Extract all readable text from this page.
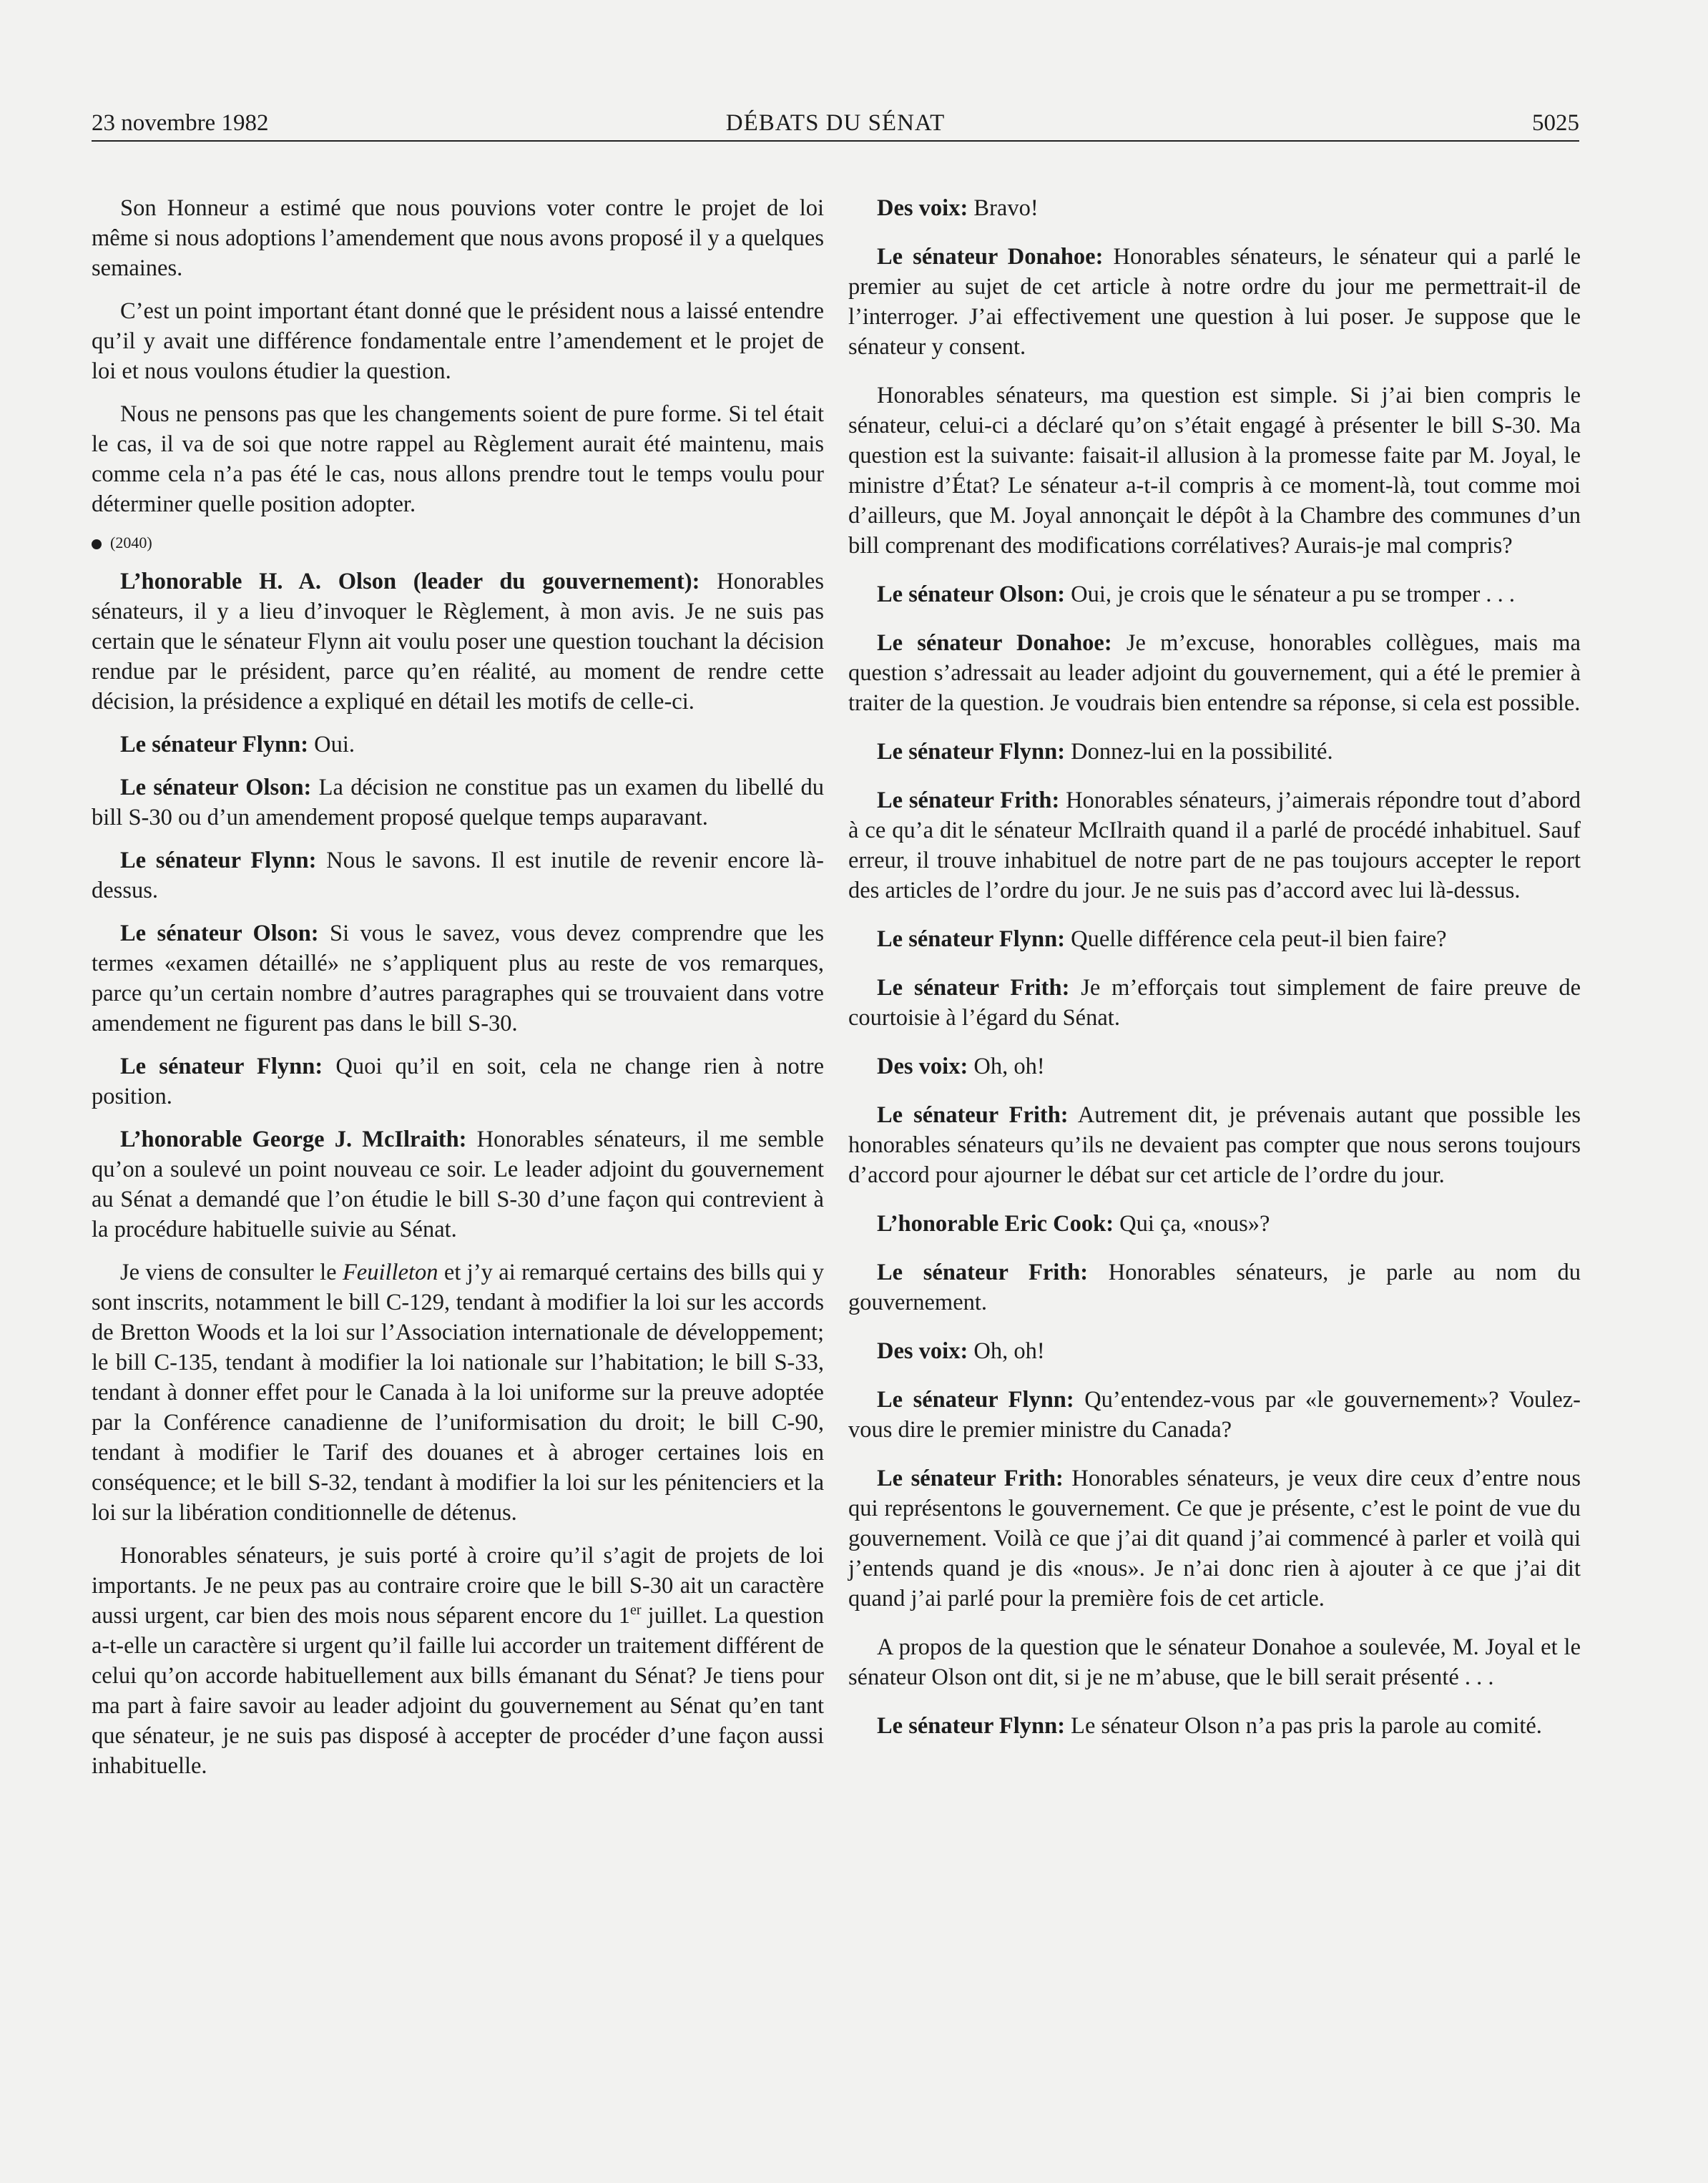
23 novembre 1982	DÉBATS DU SÉNAT	5025

Son Honneur a estimé que nous pouvions voter contre le projet de loi même si nous adoptions l’amendement que nous avons proposé il y a quelques semaines.

C’est un point important étant donné que le président nous a laissé entendre qu’il y avait une différence fondamentale entre l’amendement et le projet de loi et nous voulons étudier la question.

Nous ne pensons pas que les changements soient de pure forme. Si tel était le cas, il va de soi que notre rappel au Règlement aurait été maintenu, mais comme cela n’a pas été le cas, nous allons prendre tout le temps voulu pour déterminer quelle position adopter.

(2040)

L’honorable H. A. Olson (leader du gouvernement): Honorables sénateurs, il y a lieu d’invoquer le Règlement, à mon avis. Je ne suis pas certain que le sénateur Flynn ait voulu poser une question touchant la décision rendue par le président, parce qu’en réalité, au moment de rendre cette décision, la présidence a expliqué en détail les motifs de celle-ci.

Le sénateur Flynn: Oui.

Le sénateur Olson: La décision ne constitue pas un examen du libellé du bill S-30 ou d’un amendement proposé quelque temps auparavant.

Le sénateur Flynn: Nous le savons. Il est inutile de revenir encore là-dessus.

Le sénateur Olson: Si vous le savez, vous devez comprendre que les termes «examen détaillé» ne s’appliquent plus au reste de vos remarques, parce qu’un certain nombre d’autres paragraphes qui se trouvaient dans votre amendement ne figurent pas dans le bill S-30.

Le sénateur Flynn: Quoi qu’il en soit, cela ne change rien à notre position.

L’honorable George J. McIlraith: Honorables sénateurs, il me semble qu’on a soulevé un point nouveau ce soir. Le leader adjoint du gouvernement au Sénat a demandé que l’on étudie le bill S-30 d’une façon qui contrevient à la procédure habituelle suivie au Sénat.

Je viens de consulter le Feuilleton et j’y ai remarqué certains des bills qui y sont inscrits, notamment le bill C-129, tendant à modifier la loi sur les accords de Bretton Woods et la loi sur l’Association internationale de développement; le bill C-135, tendant à modifier la loi nationale sur l’habitation; le bill S-33, tendant à donner effet pour le Canada à la loi uniforme sur la preuve adoptée par la Conférence canadienne de l’uniformisation du droit; le bill C-90, tendant à modifier le Tarif des douanes et à abroger certaines lois en conséquence; et le bill S-32, tendant à modifier la loi sur les pénitenciers et la loi sur la libération conditionnelle de détenus.

Honorables sénateurs, je suis porté à croire qu’il s’agit de projets de loi importants. Je ne peux pas au contraire croire que le bill S-30 ait un caractère aussi urgent, car bien des mois nous séparent encore du 1er juillet. La question a-t-elle un caractère si urgent qu’il faille lui accorder un traitement différent de celui qu’on accorde habituellement aux bills émanant du Sénat? Je tiens pour ma part à faire savoir au leader adjoint du gouvernement au Sénat qu’en tant que sénateur, je ne suis pas disposé à accepter de procéder d’une façon aussi inhabituelle.

Des voix: Bravo!

Le sénateur Donahoe: Honorables sénateurs, le sénateur qui a parlé le premier au sujet de cet article à notre ordre du jour me permettrait-il de l’interroger. J’ai effectivement une question à lui poser. Je suppose que le sénateur y consent.

Honorables sénateurs, ma question est simple. Si j’ai bien compris le sénateur, celui-ci a déclaré qu’on s’était engagé à présenter le bill S-30. Ma question est la suivante: faisait-il allusion à la promesse faite par M. Joyal, le ministre d’État? Le sénateur a-t-il compris à ce moment-là, tout comme moi d’ailleurs, que M. Joyal annonçait le dépôt à la Chambre des communes d’un bill comprenant des modifications corrélatives? Aurais-je mal compris?

Le sénateur Olson: Oui, je crois que le sénateur a pu se tromper . . .

Le sénateur Donahoe: Je m’excuse, honorables collègues, mais ma question s’adressait au leader adjoint du gouvernement, qui a été le premier à traiter de la question. Je voudrais bien entendre sa réponse, si cela est possible.

Le sénateur Flynn: Donnez-lui en la possibilité.

Le sénateur Frith: Honorables sénateurs, j’aimerais répondre tout d’abord à ce qu’a dit le sénateur McIlraith quand il a parlé de procédé inhabituel. Sauf erreur, il trouve inhabituel de notre part de ne pas toujours accepter le report des articles de l’ordre du jour. Je ne suis pas d’accord avec lui là-dessus.

Le sénateur Flynn: Quelle différence cela peut-il bien faire?

Le sénateur Frith: Je m’efforçais tout simplement de faire preuve de courtoisie à l’égard du Sénat.

Des voix: Oh, oh!

Le sénateur Frith: Autrement dit, je prévenais autant que possible les honorables sénateurs qu’ils ne devaient pas compter que nous serons toujours d’accord pour ajourner le débat sur cet article de l’ordre du jour.

L’honorable Eric Cook: Qui ça, «nous»?

Le sénateur Frith: Honorables sénateurs, je parle au nom du gouvernement.

Des voix: Oh, oh!

Le sénateur Flynn: Qu’entendez-vous par «le gouvernement»? Voulez-vous dire le premier ministre du Canada?

Le sénateur Frith: Honorables sénateurs, je veux dire ceux d’entre nous qui représentons le gouvernement. Ce que je présente, c’est le point de vue du gouvernement. Voilà ce que j’ai dit quand j’ai commencé à parler et voilà qui j’entends quand je dis «nous». Je n’ai donc rien à ajouter à ce que j’ai dit quand j’ai parlé pour la première fois de cet article.

A propos de la question que le sénateur Donahoe a soulevée, M. Joyal et le sénateur Olson ont dit, si je ne m’abuse, que le bill serait présenté . . .

Le sénateur Flynn: Le sénateur Olson n’a pas pris la parole au comité.
